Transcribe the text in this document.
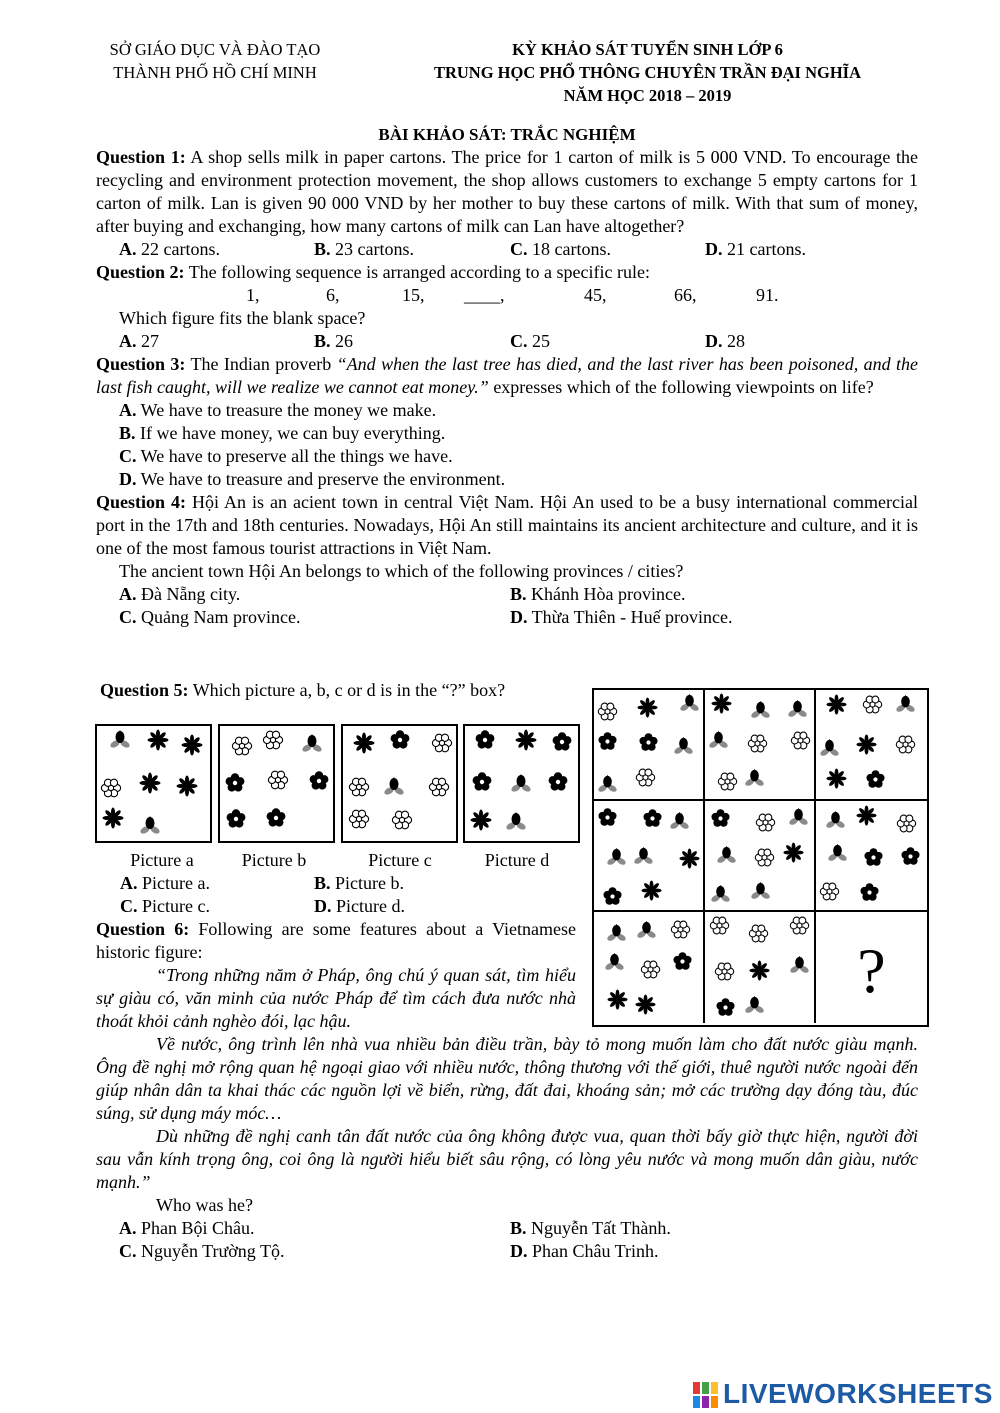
SỞ GIÁO DỤC VÀ ĐÀO TẠO
THÀNH PHỐ HỒ CHÍ MINH
KỲ KHẢO SÁT TUYỂN SINH LỚP 6
TRUNG HỌC PHỔ THÔNG CHUYÊN TRẦN ĐẠI NGHĨA
NĂM HỌC 2018 – 2019
BÀI KHẢO SÁT: TRẮC NGHIỆM
Question 1: A shop sells milk in paper cartons. The price for 1 carton of milk is 5 000 VND. To encourage the recycling and environment protection movement, the shop allows customers to exchange 5 empty cartons for 1 carton of milk. Lan is given 90 000 VND by her mother to buy these cartons of milk. With that sum of money, after buying and exchanging, how many cartons of milk can Lan have altogether?
A. 22 cartons.	B. 23 cartons.	C. 18 cartons.	D. 21 cartons.
Question 2: The following sequence is arranged according to a specific rule:
1,	6,	15, ____,	45,	66,	91.
Which figure fits the blank space?
A. 27	B. 26	C. 25	D. 28
Question 3: The Indian proverb “And when the last tree has died, and the last river has been poisoned, and the last fish caught, will we realize we cannot eat money.” expresses which of the following viewpoints on life?
A. We have to treasure the money we make.
B. If we have money, we can buy everything.
C. We have to preserve all the things we have.
D. We have to treasure and preserve the environment.
Question 4: Hội An is an acient town in central Việt Nam. Hội An used to be a busy international commercial port in the 17th and 18th centuries. Nowadays, Hội An still maintains its ancient architecture and culture, and it is one of the most famous tourist attractions in Việt Nam.
The ancient town Hội An belongs to which of the following provinces / cities?
A. Đà Nẵng city.	B. Khánh Hòa province.
C. Quảng Nam province.	D. Thừa Thiên - Huế province.
Question 5: Which picture a, b, c or d is in the “?” box?
Picture a	Picture b	Picture c	Picture d
A. Picture a.	B. Picture b.
C. Picture c.	D. Picture d.
?
Question 6: Following are some features about a Vietnamese historic figure:
“Trong những năm ở Pháp, ông chú ý quan sát, tìm hiểu sự giàu có, văn minh của nước Pháp để tìm cách đưa nước nhà thoát khỏi cảnh nghèo đói, lạc hậu.
Về nước, ông trình lên nhà vua nhiều bản điều trần, bày tỏ mong muốn làm cho đất nước giàu mạnh. Ông đề nghị mở rộng quan hệ ngoại giao với nhiều nước, thông thương với thế giới, thuê người nước ngoài đến giúp nhân dân ta khai thác các nguồn lợi về biển, rừng, đất đai, khoáng sản; mở các trường dạy đóng tàu, đúc súng, sử dụng máy móc…
Dù những đề nghị canh tân đất nước của ông không được vua, quan thời bấy giờ thực hiện, người đời sau vẫn kính trọng ông, coi ông là người hiểu biết sâu rộng, có lòng yêu nước và mong muốn dân giàu, nước mạnh.”
Who was he?
A. Phan Bội Châu.	B. Nguyễn Tất Thành.
C. Nguyễn Trường Tộ.	D. Phan Châu Trinh.
LIVEWORKSHEETS
